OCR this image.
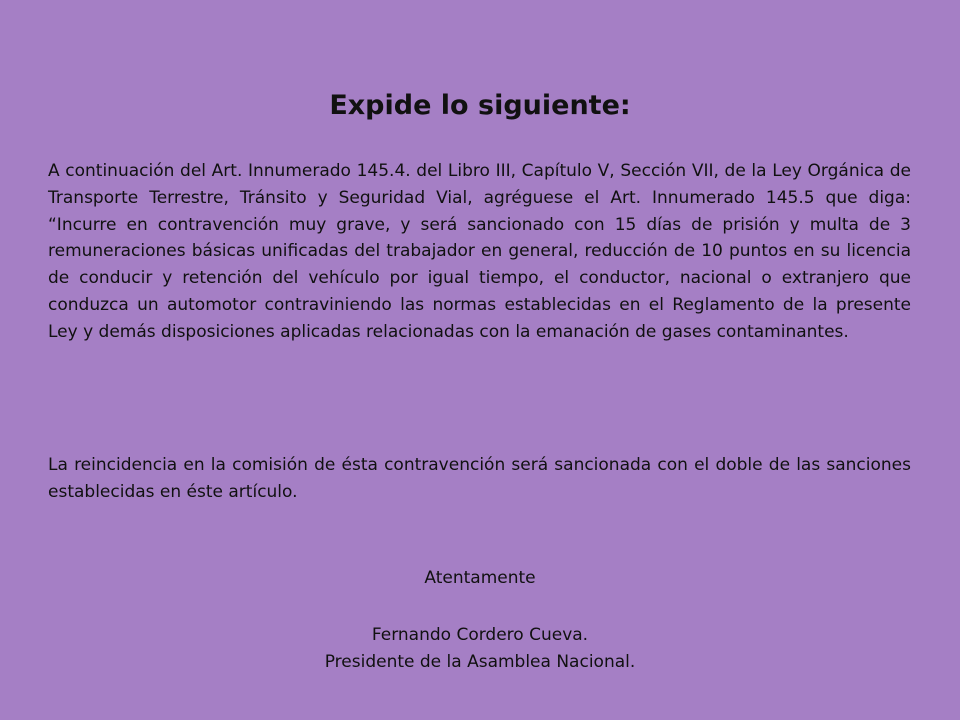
Expide lo siguiente:

A continuación del Art. Innumerado 145.4. del Libro III, Capítulo V, Sección VII, de la Ley Orgánica de Transporte Terrestre, Tránsito y Seguridad Vial, agréguese el Art. Innumerado 145.5 que diga: “Incurre en contravención muy grave, y será sancionado con 15 días de prisión y multa de 3 remuneraciones básicas unificadas del trabajador en general, reducción de 10 puntos en su licencia de conducir y retención del vehículo por igual tiempo, el conductor, nacional o extranjero que conduzca un automotor contraviniendo las normas establecidas en el Reglamento de la presente Ley y demás disposiciones aplicadas relacionadas con la emanación de gases contaminantes.

La reincidencia en la comisión de ésta contravención será sancionada con el doble de las sanciones establecidas en éste artículo.

Atentamente

Fernando Cordero Cueva.

Presidente de la Asamblea Nacional.
